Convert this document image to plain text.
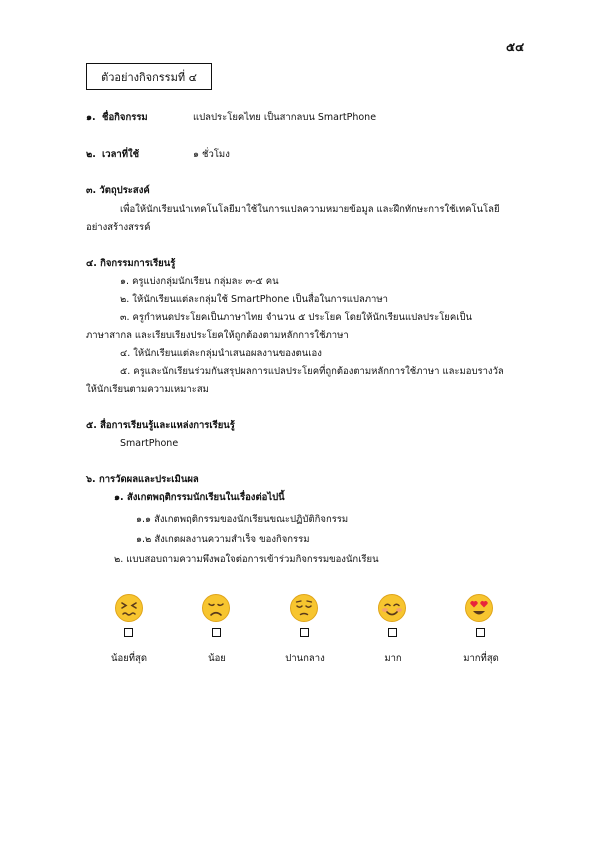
๕๔
ตัวอย่างกิจกรรมที่ ๔
๑. ชื่อกิจกรรม	แปลประโยคไทย เป็นสากลบน SmartPhone
๒. เวลาที่ใช้	๑ ชั่วโมง
๓. วัตถุประสงค์
เพื่อให้นักเรียนนำเทคโนโลยีมาใช้ในการแปลความหมายข้อมูล และฝึกทักษะการใช้เทคโนโลยี
อย่างสร้างสรรค์
๔. กิจกรรมการเรียนรู้
๑. ครูแบ่งกลุ่มนักเรียน กลุ่มละ ๓-๕ คน
๒. ให้นักเรียนแต่ละกลุ่มใช้ SmartPhone เป็นสื่อในการแปลภาษา
๓. ครูกำหนดประโยคเป็นภาษาไทย จำนวน ๕ ประโยค โดยให้นักเรียนแปลประโยคเป็น
ภาษาสากล และเรียบเรียงประโยคให้ถูกต้องตามหลักการใช้ภาษา
๔. ให้นักเรียนแต่ละกลุ่มนำเสนอผลงานของตนเอง
๕. ครูและนักเรียนร่วมกันสรุปผลการแปลประโยคที่ถูกต้องตามหลักการใช้ภาษา และมอบรางวัล
ให้นักเรียนตามความเหมาะสม
๕. สื่อการเรียนรู้และแหล่งการเรียนรู้
SmartPhone
๖. การวัดผลและประเมินผล
๑. สังเกตพฤติกรรมนักเรียนในเรื่องต่อไปนี้
๑.๑ สังเกตพฤติกรรมของนักเรียนขณะปฏิบัติกิจกรรม
๑.๒ สังเกตผลงานความสำเร็จ ของกิจกรรม
๒. แบบสอบถามความพึงพอใจต่อการเข้าร่วมกิจกรรมของนักเรียน
น้อยที่สุด	น้อย	ปานกลาง	มาก	มากที่สุด
